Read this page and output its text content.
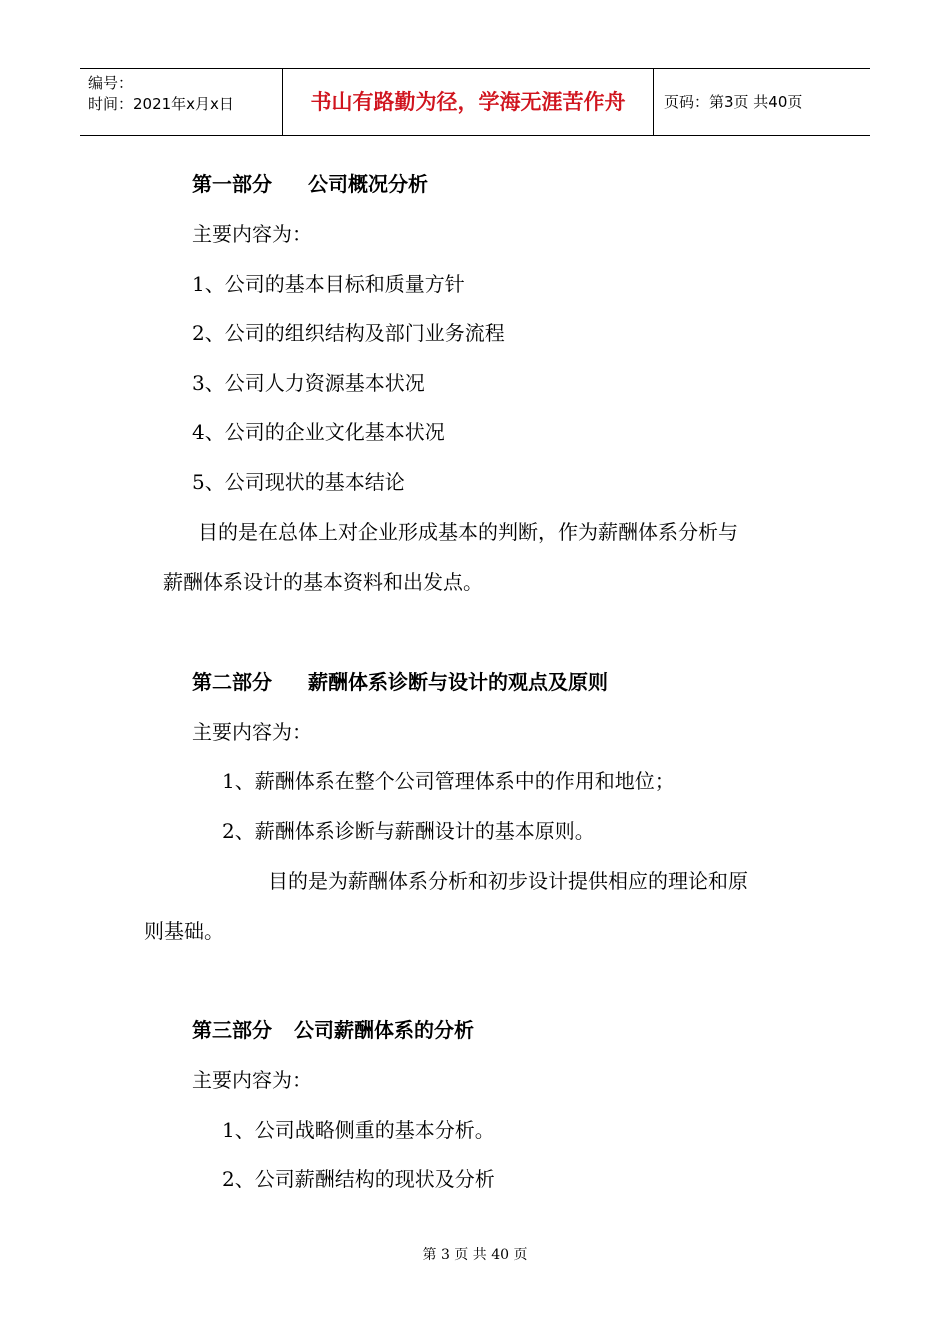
编号：
时间：2021年x月x日	书山有路勤为径，学海无涯苦作舟	页码：第3页 共40页
第一部分 公司概况分析
主要内容为：
1、公司的基本目标和质量方针
2、公司的组织结构及部门业务流程
3、公司人力资源基本状况
4、公司的企业文化基本状况
5、公司现状的基本结论
目的是在总体上对企业形成基本的判断，作为薪酬体系分析与
薪酬体系设计的基本资料和出发点。
第二部分 薪酬体系诊断与设计的观点及原则
主要内容为：
1、薪酬体系在整个公司管理体系中的作用和地位；
2、薪酬体系诊断与薪酬设计的基本原则。
目的是为薪酬体系分析和初步设计提供相应的理论和原
则基础。
第三部分 公司薪酬体系的分析
主要内容为：
1、公司战略侧重的基本分析。
2、公司薪酬结构的现状及分析
第 3 页 共 40 页
